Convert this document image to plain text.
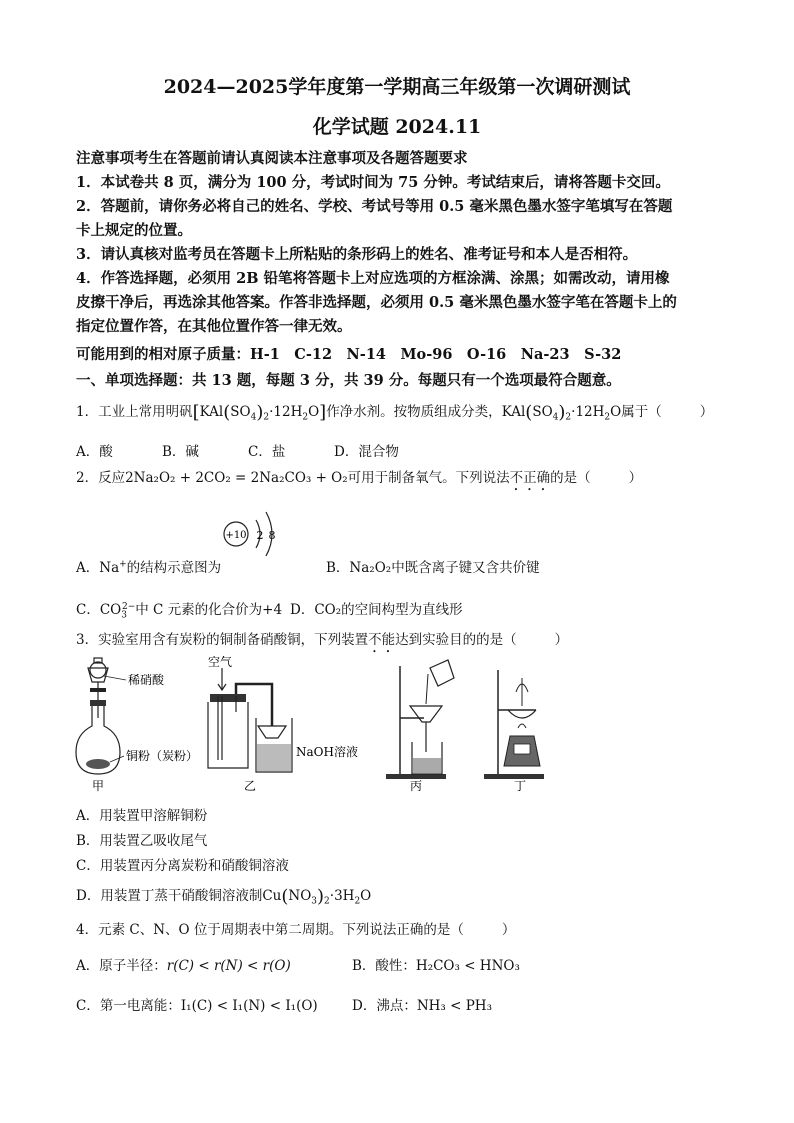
2024—2025学年度第一学期高三年级第一次调研测试
化学试题 2024.11
注意事项考生在答题前请认真阅读本注意事项及各题答题要求
1．本试卷共 8 页，满分为 100 分，考试时间为 75 分钟。考试结束后，请将答题卡交回。
2．答题前，请你务必将自己的姓名、学校、考试号等用 0.5 毫米黑色墨水签字笔填写在答题
卡上规定的位置。
3．请认真核对监考员在答题卡上所粘贴的条形码上的姓名、准考证号和本人是否相符。
4．作答选择题，必须用 2B 铅笔将答题卡上对应选项的方框涂满、涂黑；如需改动，请用橡
皮擦干净后，再选涂其他答案。作答非选择题，必须用 0.5 毫米黑色墨水签字笔在答题卡上的
指定位置作答，在其他位置作答一律无效。
可能用到的相对原子质量：H-1　C-12　N-14　Mo-96　O-16　Na-23　S-32
一、单项选择题：共 13 题，每题 3 分，共 39 分。每题只有一个选项最符合题意。
1．工业上常用明矾$[KAl(SO_4)_2\cdot 12H_2O]$作净水剂。按物质组成分类，$KAl(SO_4)_2\cdot 12H_2O$属于（	）
A．酸	B．碱	C．盐	D．混合物
2．反应2Na₂O₂ + 2CO₂ = 2Na₂CO₃ + O₂可用于制备氧气。下列说法不正确的是（	）
+10 2 8
A．Na+的结构示意图为	B．Na₂O₂中既含离子键又含共价键
C．$CO_3^{2-}$中 C 元素的化合价为+4 D．CO₂的空间构型为直线形
3．实验室用含有炭粉的铜制备硝酸铜，下列装置不能达到实验目的的是（	）
稀硝酸
铜粉（炭粉）
甲
空气
NaOH溶液
乙	丙	丁
A．用装置甲溶解铜粉
B．用装置乙吸收尾气
C．用装置丙分离炭粉和硝酸铜溶液
D．用装置丁蒸干硝酸铜溶液制$Cu(NO_3)_2\cdot 3H_2O$
4．元素 C、N、O 位于周期表中第二周期。下列说法正确的是（	）
A．原子半径：r(C) < r(N) < r(O)	B．酸性：H₂CO₃ < HNO₃
C．第一电离能：I₁(C) < I₁(N) < I₁(O)	D．沸点：NH₃ < PH₃
